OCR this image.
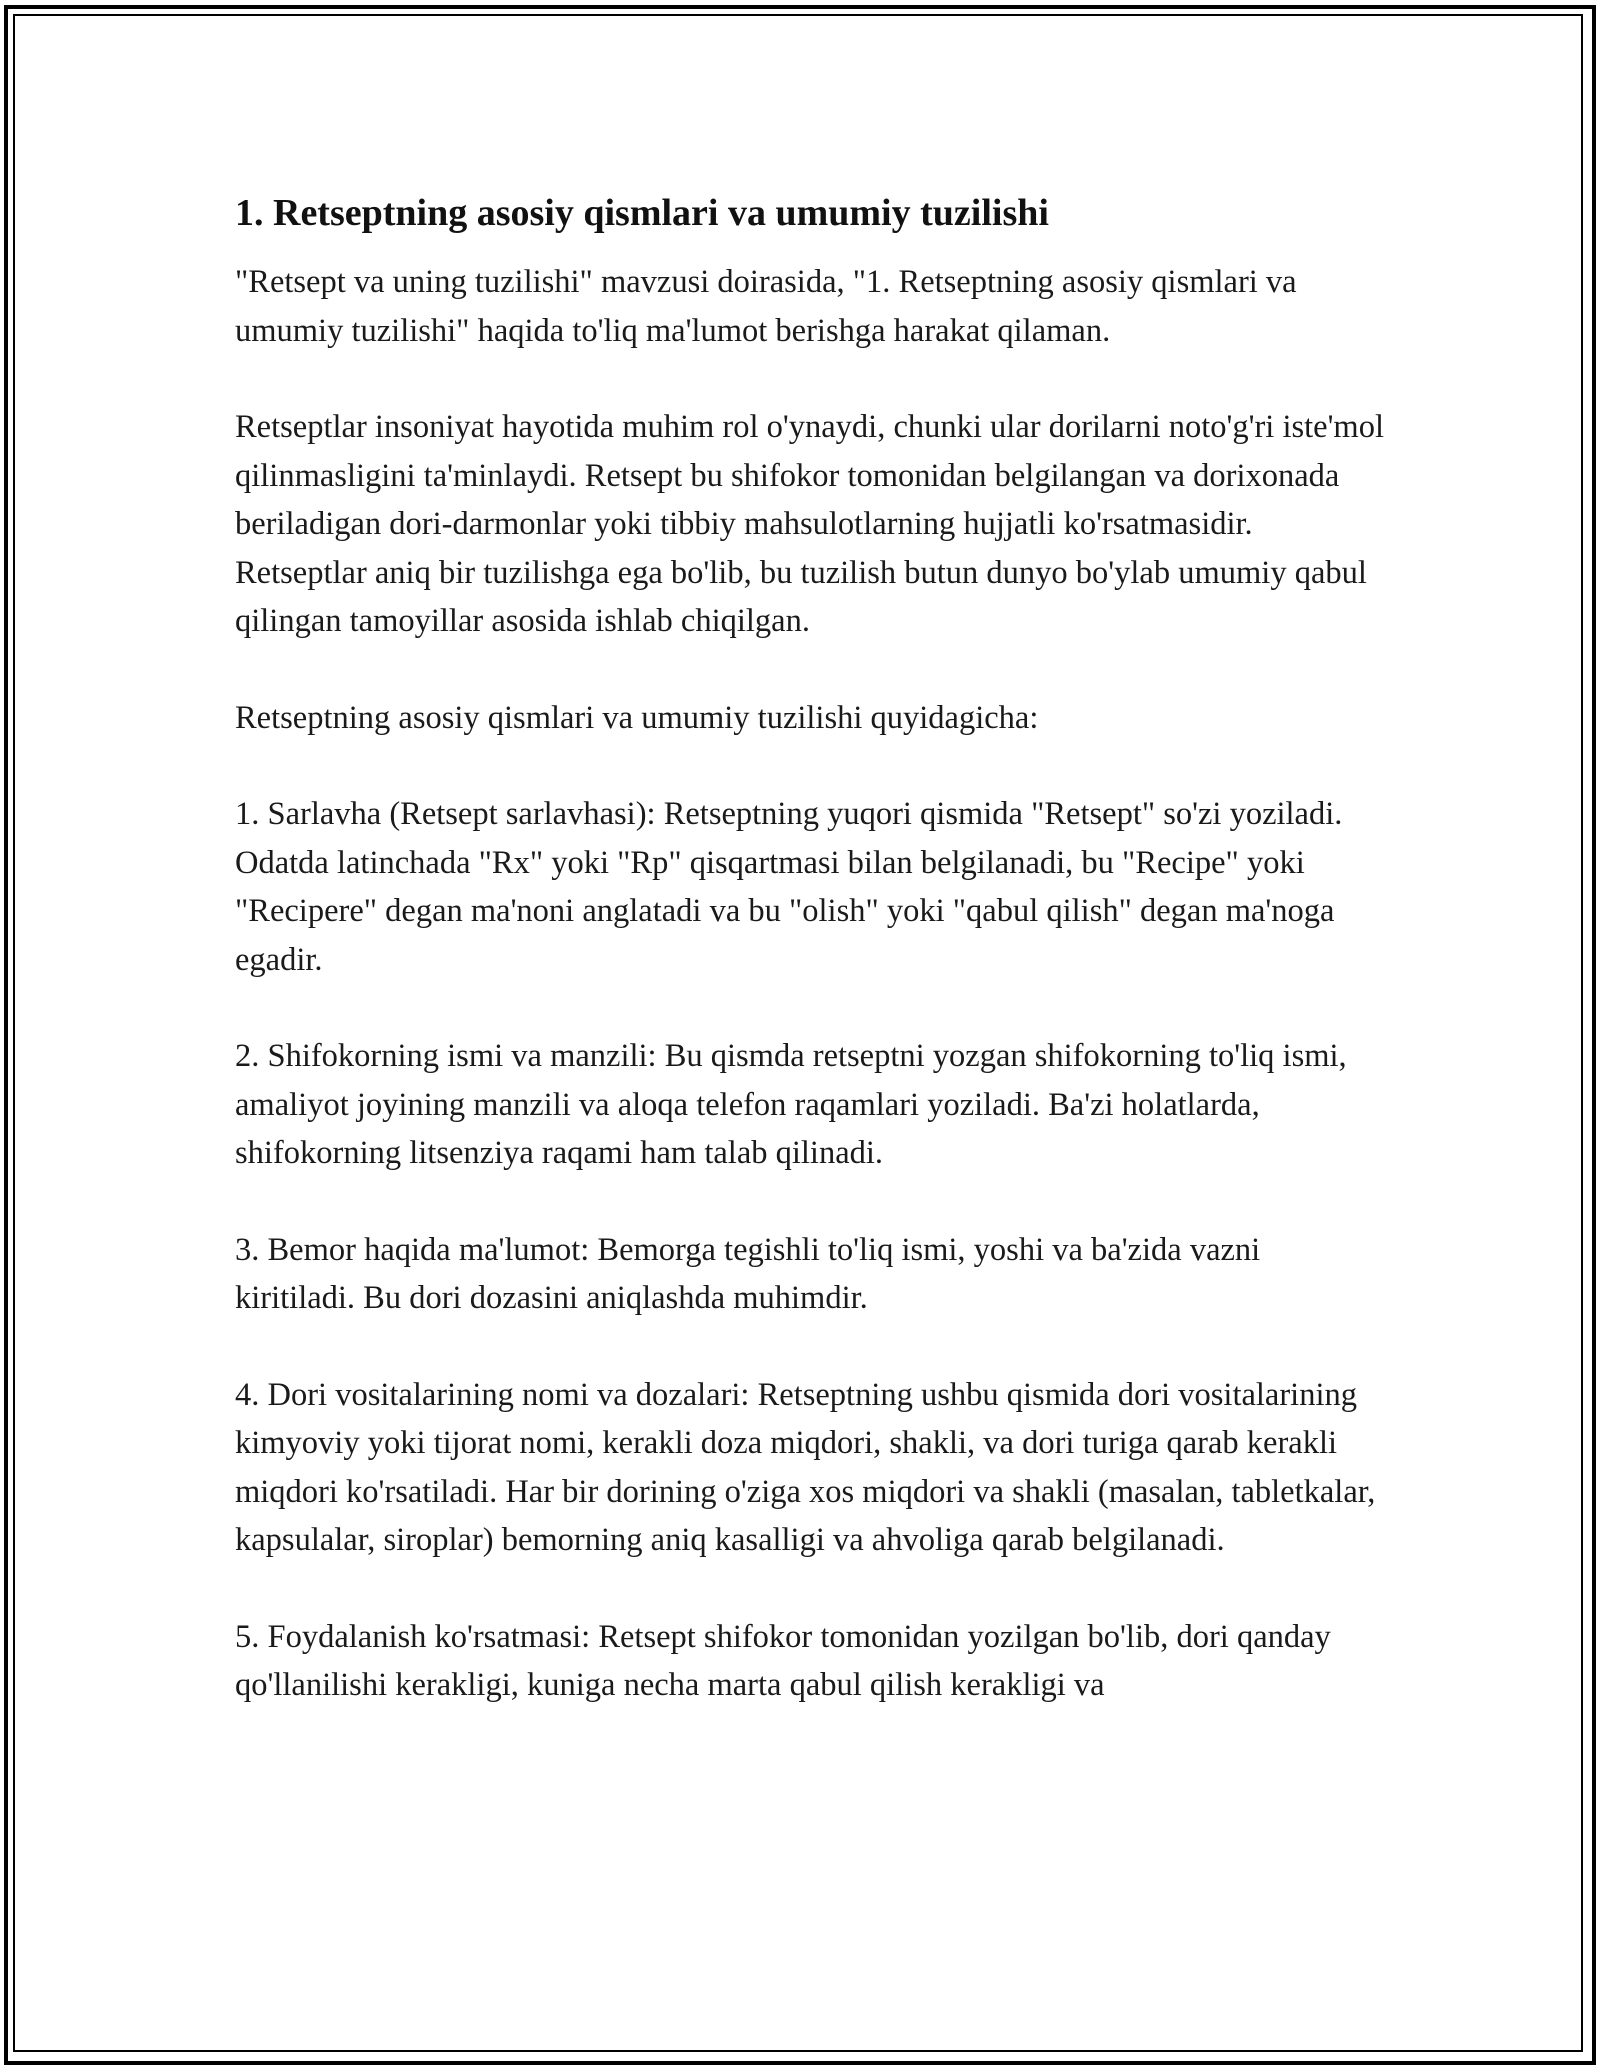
1. Retseptning asosiy qismlari va umumiy tuzilishi

"Retsept va uning tuzilishi" mavzusi doirasida, "1. Retseptning asosiy qismlari va umumiy tuzilishi" haqida to'liq ma'lumot berishga harakat qilaman.

Retseptlar insoniyat hayotida muhim rol o'ynaydi, chunki ular dorilarni noto'g'ri iste'mol qilinmasligini ta'minlaydi. Retsept bu shifokor tomonidan belgilangan va dorixonada beriladigan dori-darmonlar yoki tibbiy mahsulotlarning hujjatli ko'rsatmasidir. Retseptlar aniq bir tuzilishga ega bo'lib, bu tuzilish butun dunyo bo'ylab umumiy qabul qilingan tamoyillar asosida ishlab chiqilgan.

Retseptning asosiy qismlari va umumiy tuzilishi quyidagicha:

1. Sarlavha (Retsept sarlavhasi): Retseptning yuqori qismida "Retsept" so'zi yoziladi. Odatda latinchada "Rx" yoki "Rp" qisqartmasi bilan belgilanadi, bu "Recipe" yoki "Recipere" degan ma'noni anglatadi va bu "olish" yoki "qabul qilish" degan ma'noga egadir.

2. Shifokorning ismi va manzili: Bu qismda retseptni yozgan shifokorning to'liq ismi, amaliyot joyining manzili va aloqa telefon raqamlari yoziladi. Ba'zi holatlarda, shifokorning litsenziya raqami ham talab qilinadi.

3. Bemor haqida ma'lumot: Bemorga tegishli to'liq ismi, yoshi va ba'zida vazni kiritiladi. Bu dori dozasini aniqlashda muhimdir.

4. Dori vositalarining nomi va dozalari: Retseptning ushbu qismida dori vositalarining kimyoviy yoki tijorat nomi, kerakli doza miqdori, shakli, va dori turiga qarab kerakli miqdori ko'rsatiladi. Har bir dorining o'ziga xos miqdori va shakli (masalan, tabletkalar, kapsulalar, siroplar) bemorning aniq kasalligi va ahvoliga qarab belgilanadi.

5. Foydalanish ko'rsatmasi: Retsept shifokor tomonidan yozilgan bo'lib, dori qanday qo'llanilishi kerakligi, kuniga necha marta qabul qilish kerakligi va
